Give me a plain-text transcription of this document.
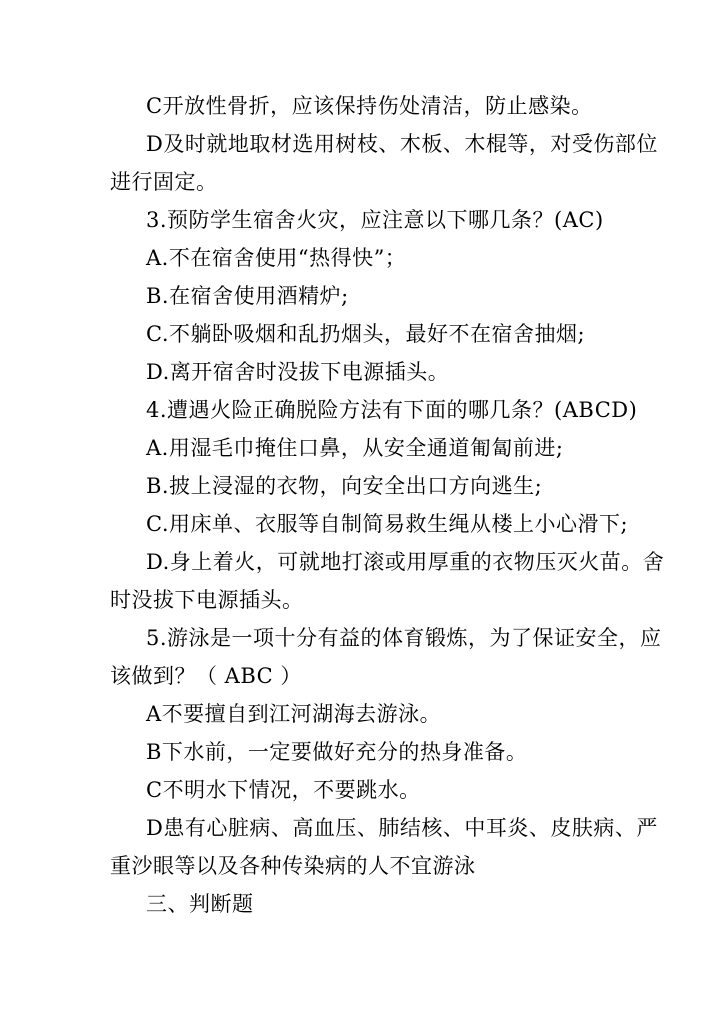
C开放性骨折，应该保持伤处清洁，防止感染。
D及时就地取材选用树枝、木板、木棍等，对受伤部位
进行固定。
3.预防学生宿舍火灾，应注意以下哪几条？(AC)
A.不在宿舍使用“热得快”；
B.在宿舍使用酒精炉;
C.不躺卧吸烟和乱扔烟头，最好不在宿舍抽烟;
D.离开宿舍时没拔下电源插头。
4.遭遇火险正确脱险方法有下面的哪几条？(ABCD)
A.用湿毛巾掩住口鼻，从安全通道匍匐前进;
B.披上浸湿的衣物，向安全出口方向逃生;
C.用床单、衣服等自制简易救生绳从楼上小心滑下;
D.身上着火，可就地打滚或用厚重的衣物压灭火苗。舍
时没拔下电源插头。
5.游泳是一项十分有益的体育锻炼，为了保证安全，应
该做到？（ ABC ）
A不要擅自到江河湖海去游泳。
B下水前，一定要做好充分的热身准备。
C不明水下情况，不要跳水。
D患有心脏病、高血压、肺结核、中耳炎、皮肤病、严
重沙眼等以及各种传染病的人不宜游泳
三、判断题
